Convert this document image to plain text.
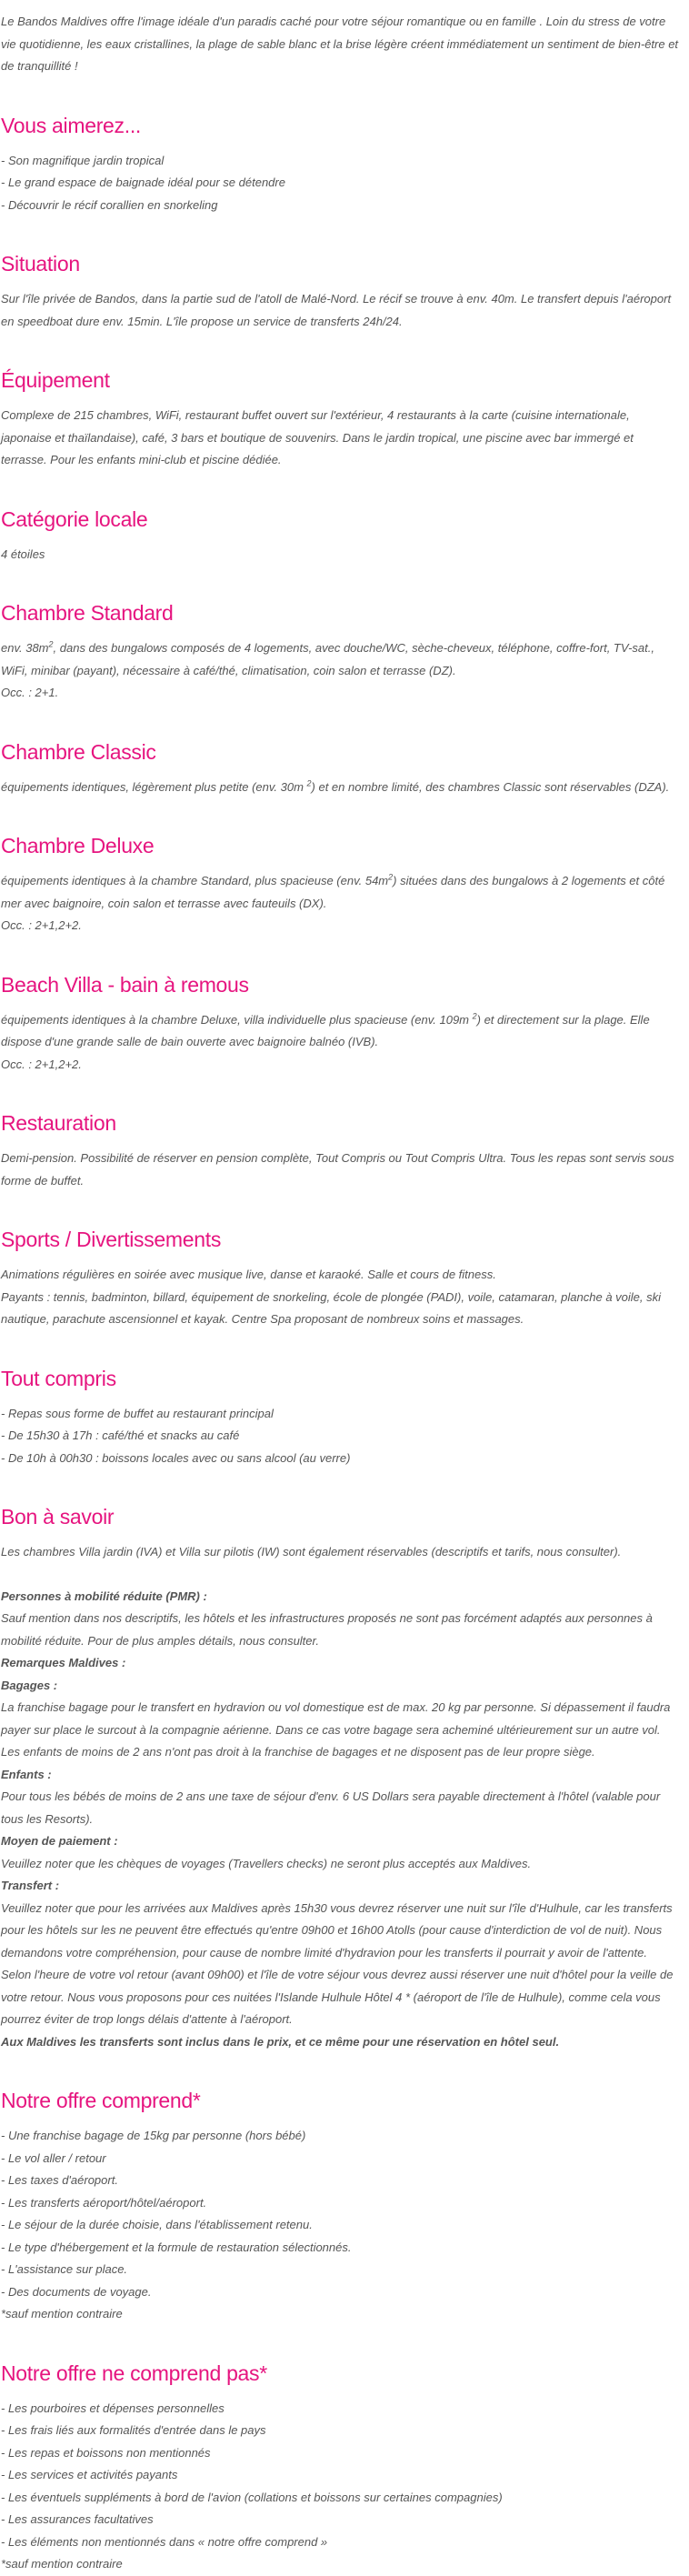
Le Bandos Maldives offre l'image idéale d'un paradis caché pour votre séjour romantique ou en famille . Loin du stress de votre vie quotidienne, les eaux cristallines, la plage de sable blanc et la brise légère créent immédiatement un sentiment de bien-être et de tranquillité !

Vous aimerez...

- Son magnifique jardin tropical

- Le grand espace de baignade idéal pour se détendre

- Découvrir le récif corallien en snorkeling

Situation

Sur l'île privée de Bandos, dans la partie sud de l'atoll de Malé-Nord. Le récif se trouve à env. 40m. Le transfert depuis l'aéroport en speedboat dure env. 15min. L'île propose un service de transferts 24h/24.

Équipement

Complexe de 215 chambres, WiFi, restaurant buffet ouvert sur l'extérieur, 4 restaurants à la carte (cuisine internationale, japonaise et thaïlandaise), café, 3 bars et boutique de souvenirs. Dans le jardin tropical, une piscine avec bar immergé et terrasse. Pour les enfants mini-club et piscine dédiée.

Catégorie locale

4 étoiles

Chambre Standard

env. $38m^2$, dans des bungalows composés de 4 logements, avec douche/WC, sèche-cheveux, téléphone, coffre-fort, TV-sat., WiFi, minibar (payant), nécessaire à café/thé, climatisation, coin salon et terrasse (DZ).

Occ. : 2+1.

Chambre Classic

équipements identiques, légèrement plus petite (env. 30m $^2$) et en nombre limité, des chambres Classic sont réservables (DZA).

Chambre Deluxe

équipements identiques à la chambre Standard, plus spacieuse (env. $54m^2$) situées dans des bungalows à 2 logements et côté mer avec baignoire, coin salon et terrasse avec fauteuils (DX).

Occ. : 2+1,2+2.

Beach Villa - bain à remous

équipements identiques à la chambre Deluxe, villa individuelle plus spacieuse (env. 109m $^2$) et directement sur la plage. Elle dispose d'une grande salle de bain ouverte avec baignoire balnéo (IVB).

Occ. : 2+1,2+2.

Restauration

Demi-pension. Possibilité de réserver en pension complète, Tout Compris ou Tout Compris Ultra. Tous les repas sont servis sous forme de buffet.

Sports / Divertissements

Animations régulières en soirée avec musique live, danse et karaoké. Salle et cours de fitness.

Payants : tennis, badminton, billard, équipement de snorkeling, école de plongée (PADI), voile, catamaran, planche à voile, ski nautique, parachute ascensionnel et kayak. Centre Spa proposant de nombreux soins et massages.

Tout compris

- Repas sous forme de buffet au restaurant principal

- De 15h30 à 17h : café/thé et snacks au café

- De 10h à 00h30 : boissons locales avec ou sans alcool (au verre)

Bon à savoir

Les chambres Villa jardin (IVA) et Villa sur pilotis (IW) sont également réservables (descriptifs et tarifs, nous consulter).

Personnes à mobilité réduite (PMR) :

Sauf mention dans nos descriptifs, les hôtels et les infrastructures proposés ne sont pas forcément adaptés aux personnes à mobilité réduite. Pour de plus amples détails, nous consulter.

Remarques Maldives :

Bagages :

La franchise bagage pour le transfert en hydravion ou vol domestique est de max. 20 kg par personne. Si dépassement il faudra payer sur place le surcout à la compagnie aérienne. Dans ce cas votre bagage sera acheminé ultérieurement sur un autre vol.

Les enfants de moins de 2 ans n'ont pas droit à la franchise de bagages et ne disposent pas de leur propre siège.

Enfants :

Pour tous les bébés de moins de 2 ans une taxe de séjour d'env. 6 US Dollars sera payable directement à l'hôtel (valable pour tous les Resorts).

Moyen de paiement :

Veuillez noter que les chèques de voyages (Travellers checks) ne seront plus acceptés aux Maldives.

Transfert :

Veuillez noter que pour les arrivées aux Maldives après 15h30 vous devrez réserver une nuit sur l'île d'Hulhule, car les transferts pour les hôtels sur les ne peuvent être effectués qu'entre 09h00 et 16h00 Atolls (pour cause d'interdiction de vol de nuit). Nous demandons votre compréhension, pour cause de nombre limité d'hydravion pour les transferts il pourrait y avoir de l'attente. Selon l'heure de votre vol retour (avant 09h00) et l'île de votre séjour vous devrez aussi réserver une nuit d'hôtel pour la veille de votre retour. Nous vous proposons pour ces nuitées l'Islande Hulhule Hôtel 4 * (aéroport de l'île de Hulhule), comme cela vous pourrez éviter de trop longs délais d'attente à l'aéroport.

Aux Maldives les transferts sont inclus dans le prix, et ce même pour une réservation en hôtel seul.

Notre offre comprend*

- Une franchise bagage de 15kg par personne (hors bébé)

- Le vol aller / retour

- Les taxes d'aéroport.

- Les transferts aéroport/hôtel/aéroport.

- Le séjour de la durée choisie, dans l'établissement retenu.

- Le type d'hébergement et la formule de restauration sélectionnés.

- L'assistance sur place.

- Des documents de voyage.

*sauf mention contraire

Notre offre ne comprend pas*

- Les pourboires et dépenses personnelles

- Les frais liés aux formalités d'entrée dans le pays

- Les repas et boissons non mentionnés

- Les services et activités payants

- Les éventuels suppléments à bord de l'avion (collations et boissons sur certaines compagnies)

- Les assurances facultatives

- Les éléments non mentionnés dans « notre offre comprend »

*sauf mention contraire
